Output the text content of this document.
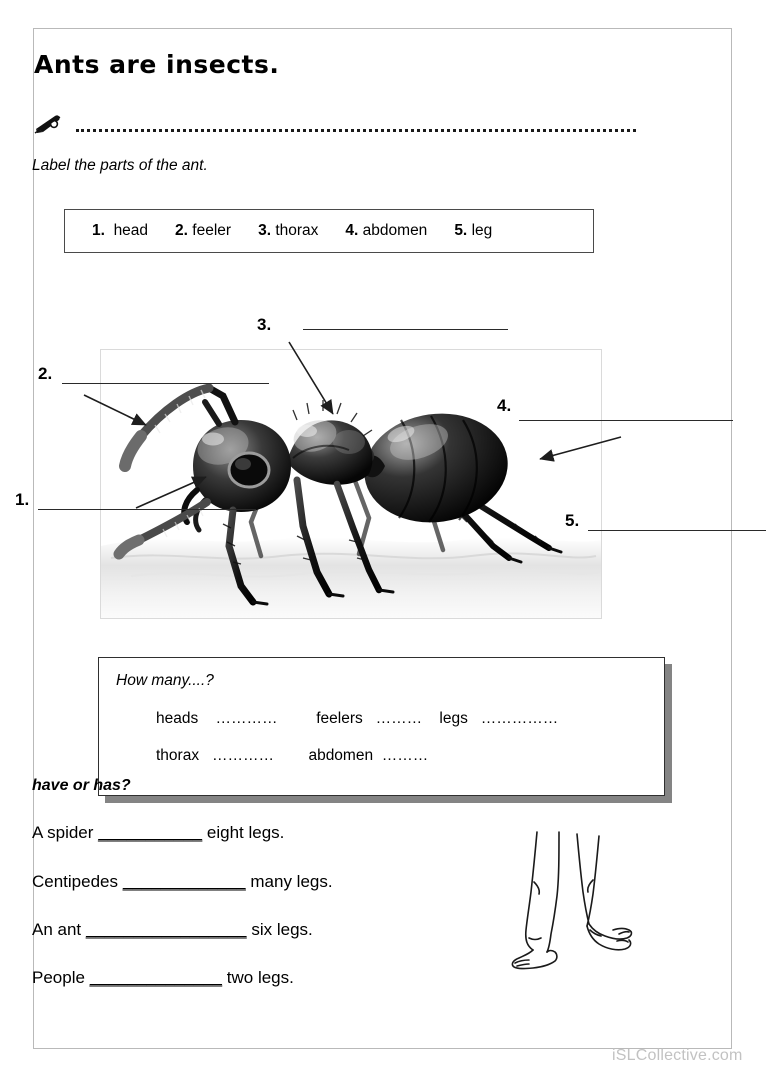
Ants are insects.
Label the parts of the ant.
1. head 2. feeler 3. thorax 4. abdomen 5. leg
1.
2.
3.
4.
5.
How many....?
heads    …………         feelers   ………    legs   ……………
thorax   …………        abdomen  ………
have or has?
A spider ___________ eight legs.
Centipedes _____________ many legs.
An ant _________________ six legs.
People ______________ two legs.
iSLCollective.com
